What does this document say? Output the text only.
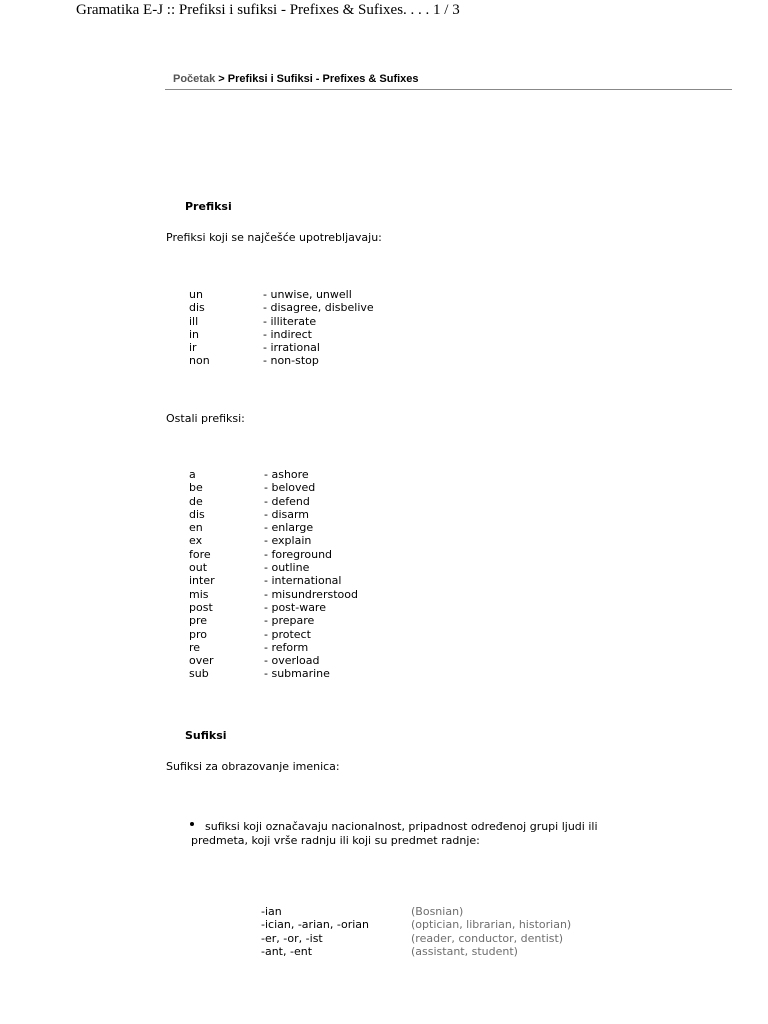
Gramatika E-J :: Prefiksi i sufiksi - Prefixes & Sufixes. . . . 1 / 3
Početak > Prefiksi i Sufiksi - Prefixes & Sufixes
Prefiksi
Prefiksi koji se najčešće upotrebljavaju:
un	- unwise, unwell
dis	- disagree, disbelive
ill	- illiterate
in	- indirect
ir	- irrational
non	- non-stop
Ostali prefiksi:
a	- ashore
be	- beloved
de	- defend
dis	- disarm
en	- enlarge
ex	- explain
fore	- foreground
out	- outline
inter	- international
mis	- misundrerstood
post	- post-ware
pre	- prepare
pro	- protect
re	- reform
over	- overload
sub	- submarine
Sufiksi
Sufiksi za obrazovanje imenica:
sufiksi koji označavaju nacionalnost, pripadnost određenoj grupi ljudi ili
predmeta, koji vrše radnju ili koji su predmet radnje:
-ian	(Bosnian)
-ician, -arian, -orian	(optician, librarian, historian)
-er, -or, -ist	(reader, conductor, dentist)
-ant, -ent	(assistant, student)
